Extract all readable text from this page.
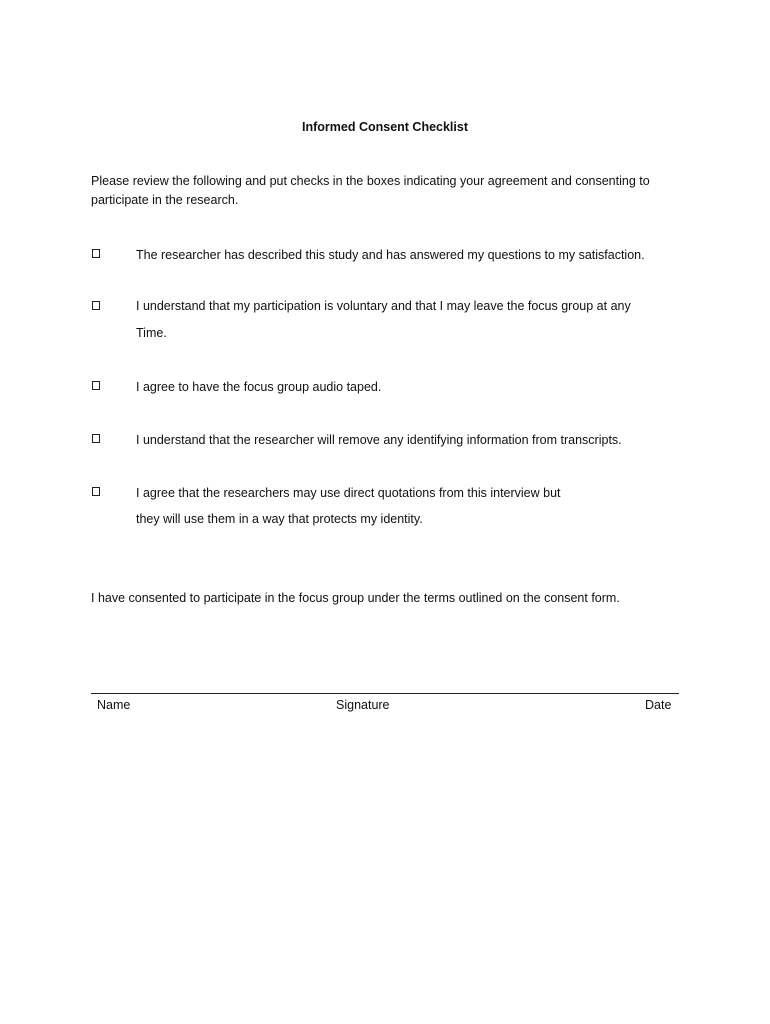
Informed Consent Checklist
Please review the following and put checks in the boxes indicating your agreement and consenting to participate in the research.
The researcher has described this study and has answered my questions to my satisfaction.
I understand that my participation is voluntary and that I may leave the focus group at any
Time.
I agree to have the focus group audio taped.
I understand that the researcher will remove any identifying information from transcripts.
I agree that the researchers may use direct quotations from this interview but
they will use them in a way that protects my identity.
I have consented to participate in the focus group under the terms outlined on the consent form.
Name	Signature	Date
